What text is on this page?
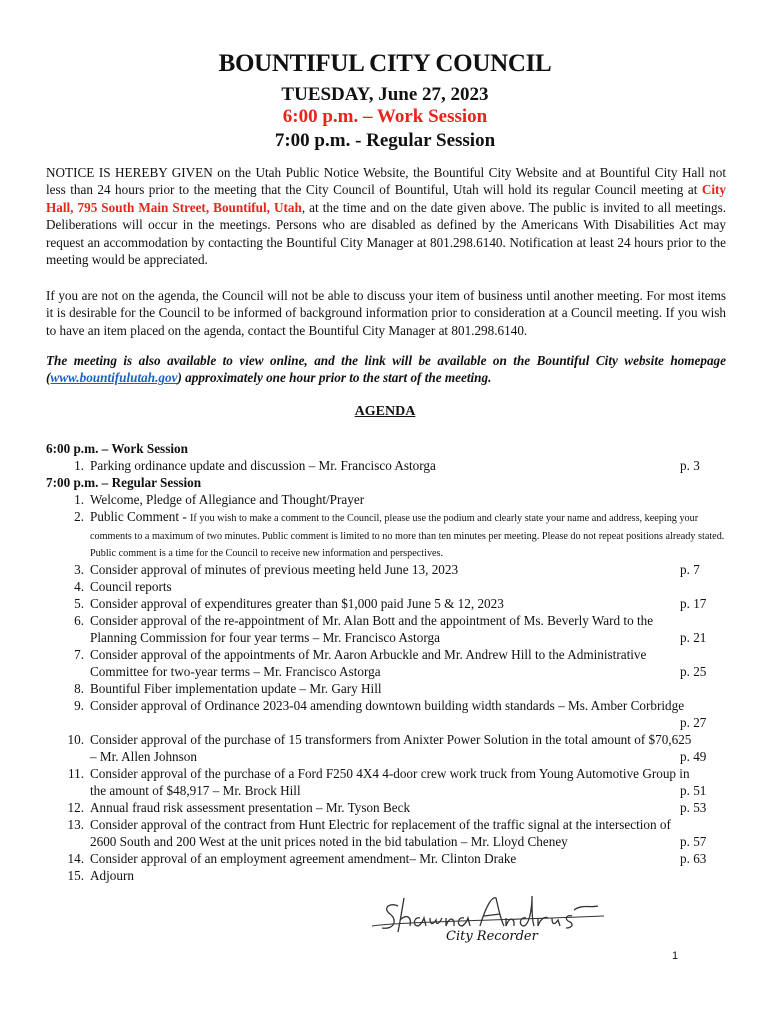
BOUNTIFUL CITY COUNCIL
TUESDAY, June 27, 2023
6:00 p.m. – Work Session
7:00 p.m. - Regular Session

NOTICE IS HEREBY GIVEN on the Utah Public Notice Website, the Bountiful City Website and at Bountiful City Hall not less than 24 hours prior to the meeting that the City Council of Bountiful, Utah will hold its regular Council meeting at City Hall, 795 South Main Street, Bountiful, Utah, at the time and on the date given above. The public is invited to all meetings. Deliberations will occur in the meetings. Persons who are disabled as defined by the Americans With Disabilities Act may request an accommodation by contacting the Bountiful City Manager at 801.298.6140. Notification at least 24 hours prior to the meeting would be appreciated.

If you are not on the agenda, the Council will not be able to discuss your item of business until another meeting. For most items it is desirable for the Council to be informed of background information prior to consideration at a Council meeting. If you wish to have an item placed on the agenda, contact the Bountiful City Manager at 801.298.6140.

The meeting is also available to view online, and the link will be available on the Bountiful City website homepage (www.bountifulutah.gov) approximately one hour prior to the start of the meeting.

AGENDA
6:00 p.m. – Work Session
1. Parking ordinance update and discussion – Mr. Francisco Astorga	p. 3
7:00 p.m. – Regular Session
1. Welcome, Pledge of Allegiance and Thought/Prayer
2. Public Comment - If you wish to make a comment to the Council, please use the podium and clearly state your name and address, keeping your comments to a maximum of two minutes. Public comment is limited to no more than ten minutes per meeting. Please do not repeat positions already stated. Public comment is a time for the Council to receive new information and perspectives.
3. Consider approval of minutes of previous meeting held June 13, 2023	p. 7
4. Council reports
5. Consider approval of expenditures greater than $1,000 paid June 5 & 12, 2023	p. 17
6. Consider approval of the re-appointment of Mr. Alan Bott and the appointment of Ms. Beverly Ward to the
Planning Commission for four year terms – Mr. Francisco Astorga	p. 21
7. Consider approval of the appointments of Mr. Aaron Arbuckle and Mr. Andrew Hill to the Administrative
Committee for two-year terms – Mr. Francisco Astorga	p. 25
8. Bountiful Fiber implementation update – Mr. Gary Hill
9. Consider approval of Ordinance 2023-04 amending downtown building width standards – Ms. Amber Corbridge
p. 27
10. Consider approval of the purchase of 15 transformers from Anixter Power Solution in the total amount of $70,625
– Mr. Allen Johnson	p. 49
11. Consider approval of the purchase of a Ford F250 4X4 4-door crew work truck from Young Automotive Group in
the amount of $48,917 – Mr. Brock Hill	p. 51
12. Annual fraud risk assessment presentation – Mr. Tyson Beck	p. 53
13. Consider approval of the contract from Hunt Electric for replacement of the traffic signal at the intersection of
2600 South and 200 West at the unit prices noted in the bid tabulation – Mr. Lloyd Cheney	p. 57
14. Consider approval of an employment agreement amendment– Mr. Clinton Drake	p. 63
15. Adjourn
City Recorder
1
